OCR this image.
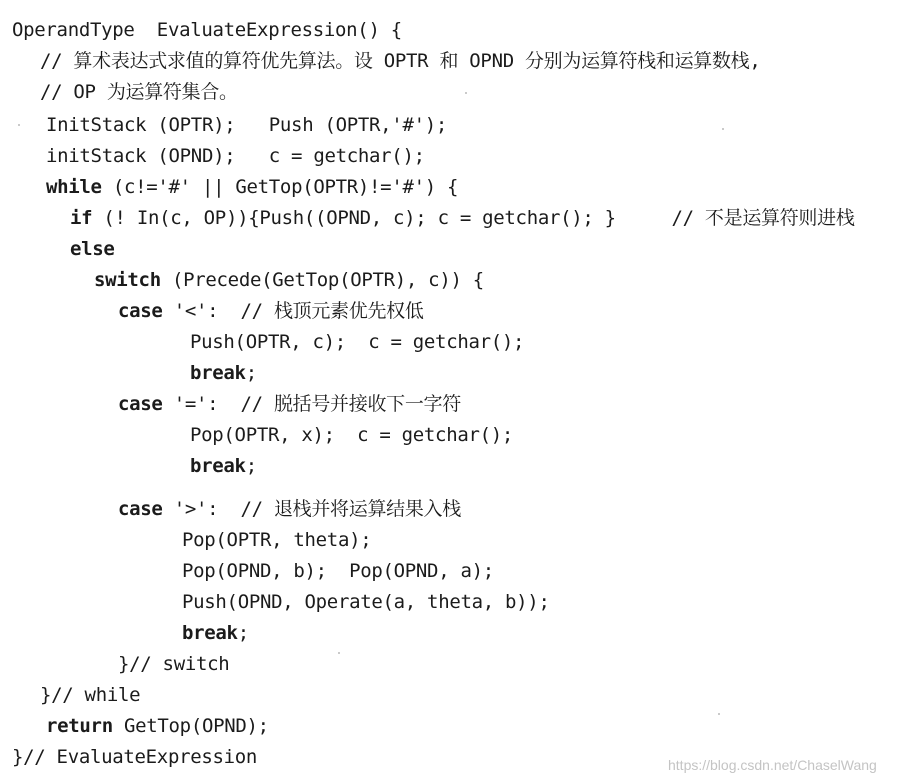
OperandType  EvaluateExpression() {
// 算术表达式求值的算符优先算法。设 OPTR 和 OPND 分别为运算符栈和运算数栈,
// OP 为运算符集合。
InitStack (OPTR);   Push (OPTR,'#');
initStack (OPND);   c = getchar();
while (c!='#' || GetTop(OPTR)!='#') {
if (! In(c, OP)){Push((OPND, c); c = getchar(); }     // 不是运算符则进栈
else
switch (Precede(GetTop(OPTR), c)) {
case '<':  // 栈顶元素优先权低
Push(OPTR, c);  c = getchar();
break;
case '=':  // 脱括号并接收下一字符
Pop(OPTR, x);  c = getchar();
break;
case '>':  // 退栈并将运算结果入栈
Pop(OPTR, theta);
Pop(OPND, b);  Pop(OPND, a);
Push(OPND, Operate(a, theta, b));
break;
}// switch
}// while
return GetTop(OPND);
}// EvaluateExpression	https://blog.csdn.net/ChaselWang
